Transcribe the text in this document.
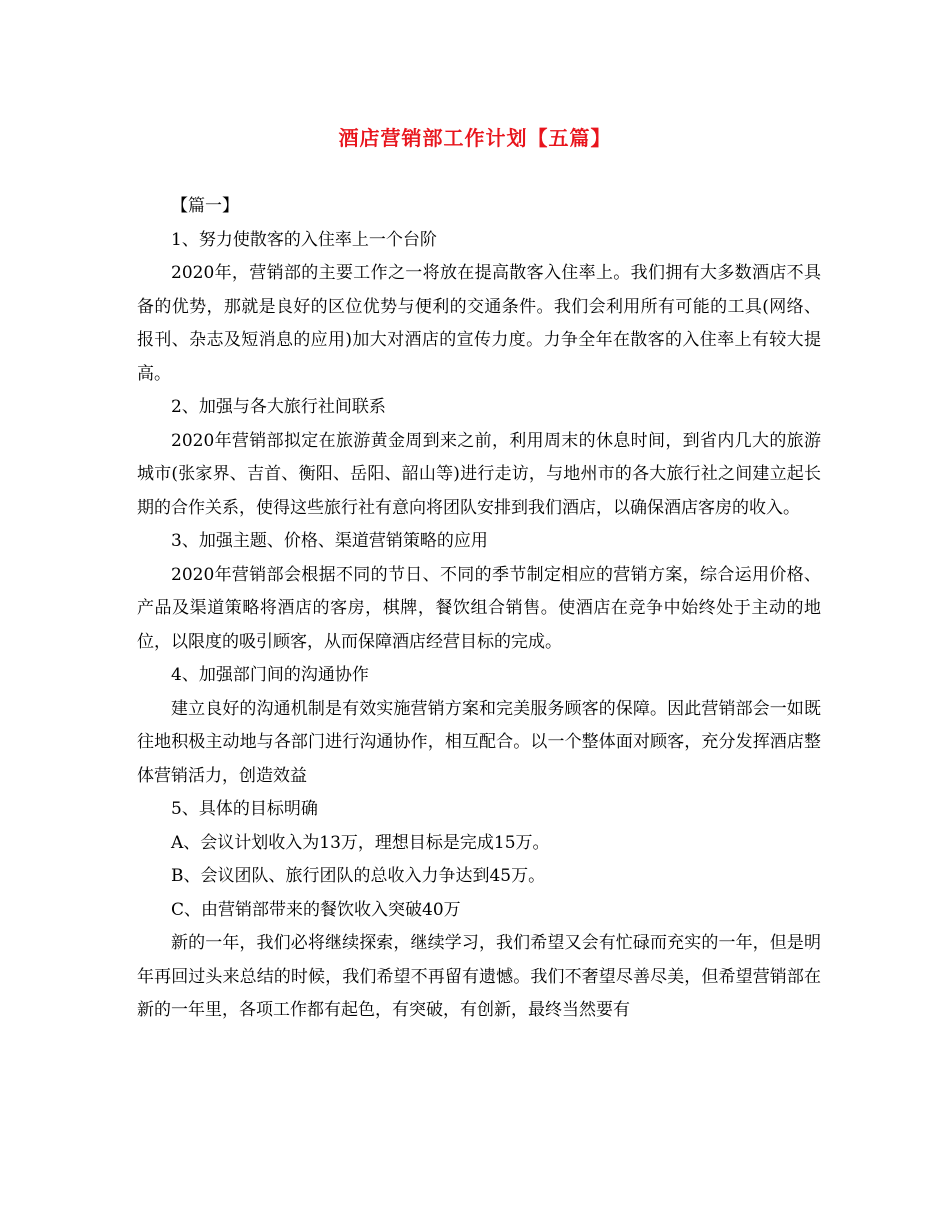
酒店营销部工作计划【五篇】

【篇一】

1、努力使散客的入住率上一个台阶

2020年，营销部的主要工作之一将放在提高散客入住率上。我们拥有大多数酒店不具备的优势，那就是良好的区位优势与便利的交通条件。我们会利用所有可能的工具(网络、报刊、杂志及短消息的应用)加大对酒店的宣传力度。力争全年在散客的入住率上有较大提高。

2、加强与各大旅行社间联系

2020年营销部拟定在旅游黄金周到来之前，利用周末的休息时间，到省内几大的旅游城市(张家界、吉首、衡阳、岳阳、韶山等)进行走访，与地州市的各大旅行社之间建立起长期的合作关系，使得这些旅行社有意向将团队安排到我们酒店，以确保酒店客房的收入。

3、加强主题、价格、渠道营销策略的应用

2020年营销部会根据不同的节日、不同的季节制定相应的营销方案，综合运用价格、产品及渠道策略将酒店的客房，棋牌，餐饮组合销售。使酒店在竞争中始终处于主动的地位，以限度的吸引顾客，从而保障酒店经营目标的完成。

4、加强部门间的沟通协作

建立良好的沟通机制是有效实施营销方案和完美服务顾客的保障。因此营销部会一如既往地积极主动地与各部门进行沟通协作，相互配合。以一个整体面对顾客，充分发挥酒店整体营销活力，创造效益

5、具体的目标明确

A、会议计划收入为13万，理想目标是完成15万。

B、会议团队、旅行团队的总收入力争达到45万。

C、由营销部带来的餐饮收入突破40万

新的一年，我们必将继续探索，继续学习，我们希望又会有忙碌而充实的一年，但是明年再回过头来总结的时候，我们希望不再留有遗憾。我们不奢望尽善尽美，但希望营销部在新的一年里，各项工作都有起色，有突破，有创新，最终当然要有
